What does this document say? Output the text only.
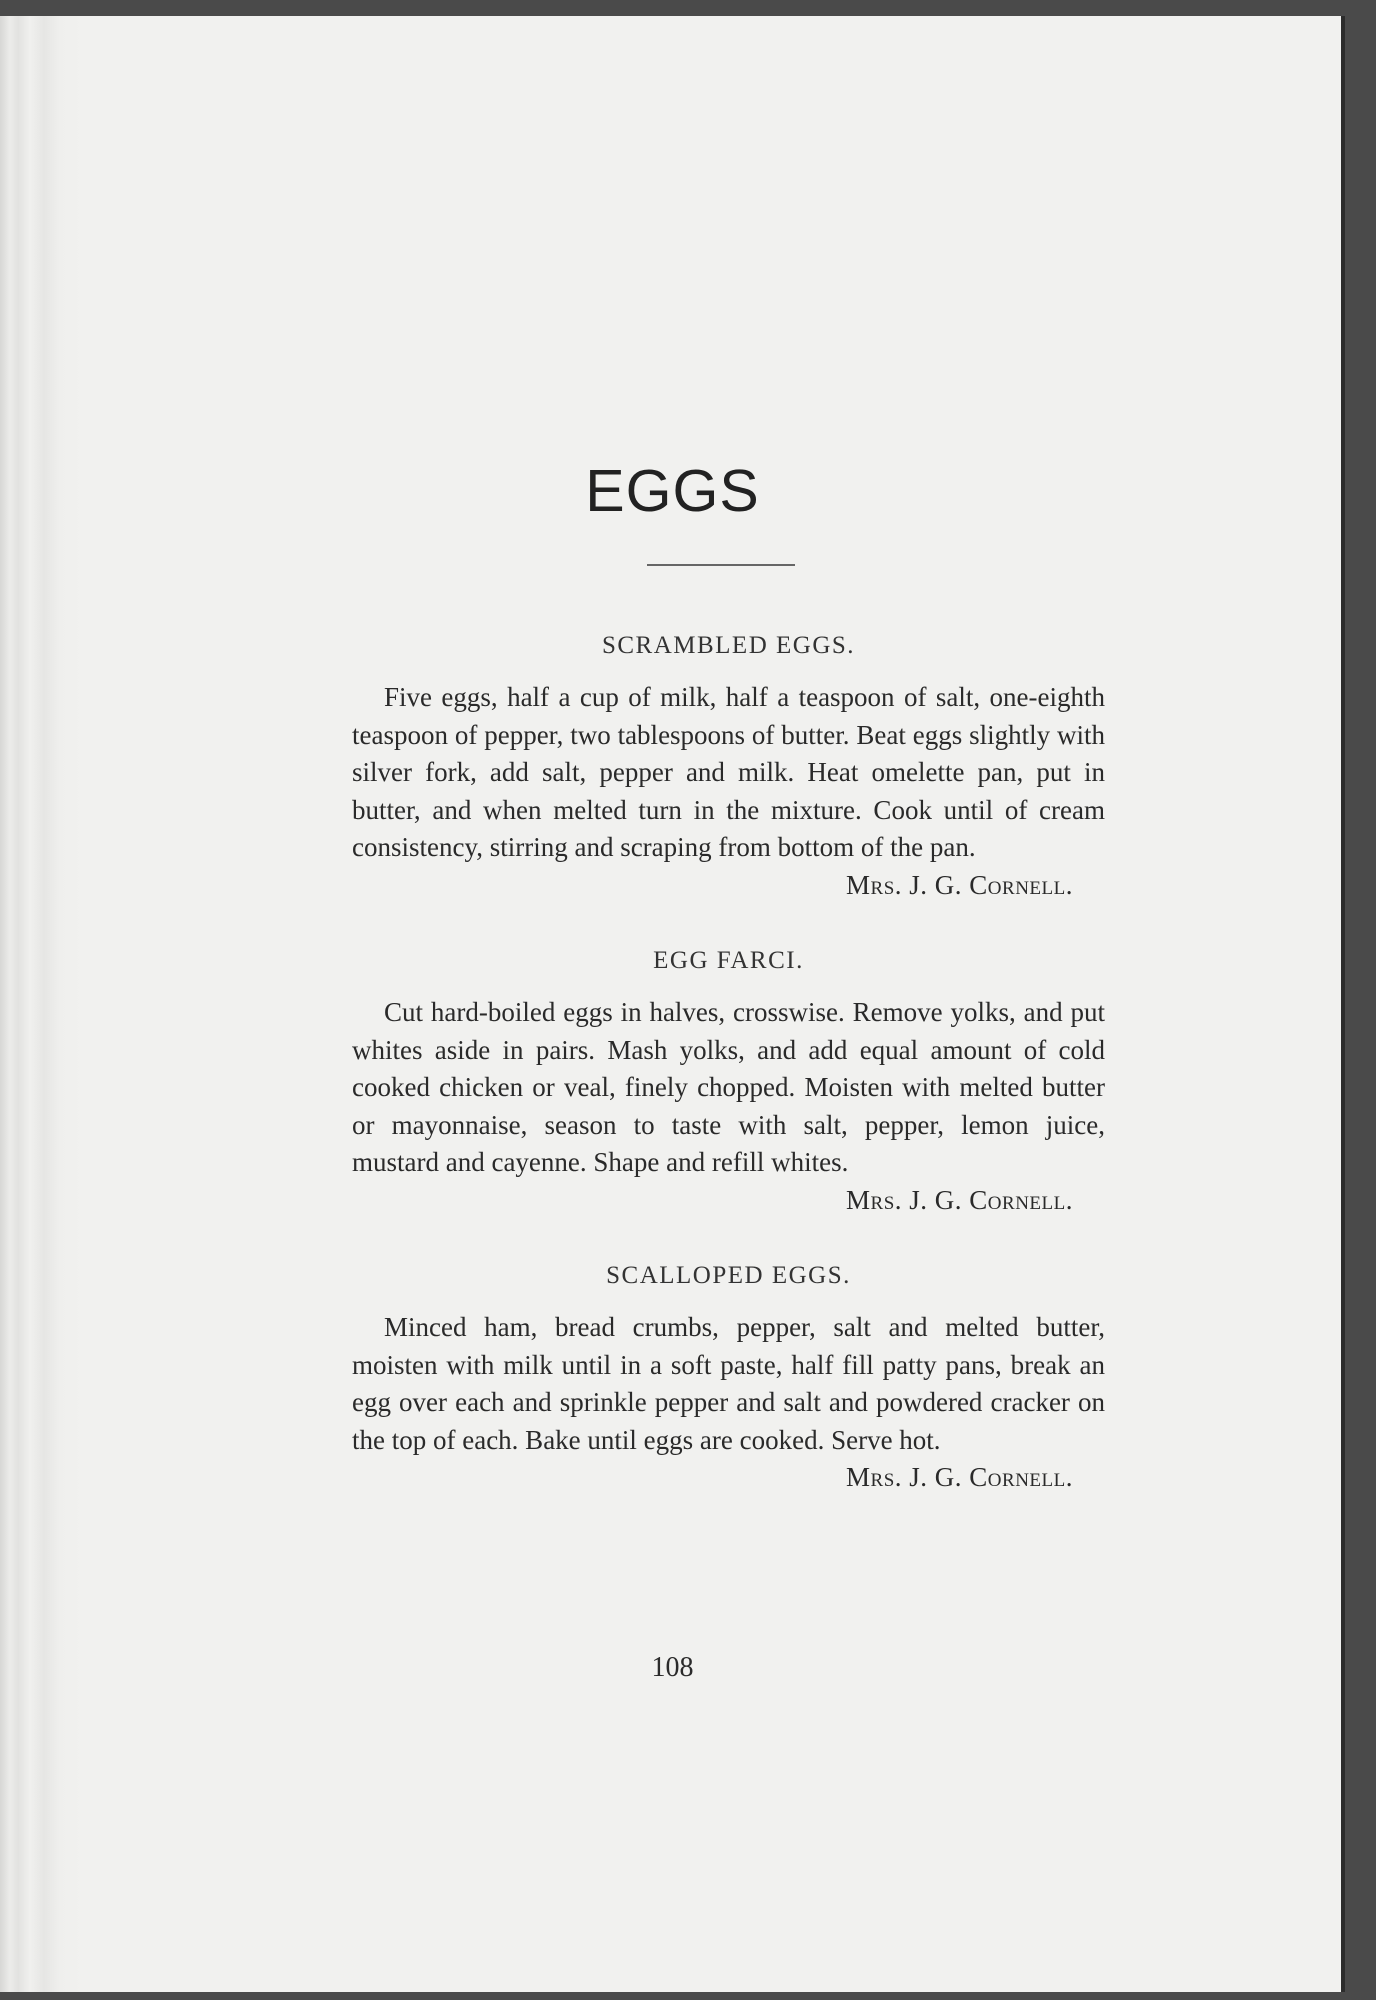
EGGS
SCRAMBLED EGGS.

Five eggs, half a cup of milk, half a teaspoon of salt, one-eighth teaspoon of pepper, two tablespoons of butter. Beat eggs slightly with silver fork, add salt, pepper and milk. Heat omelette pan, put in butter, and when melted turn in the mixture. Cook until of cream consistency, stirring and scraping from bottom of the pan.
Mrs. J. G. Cornell.

EGG FARCI.

Cut hard-boiled eggs in halves, crosswise. Remove yolks, and put whites aside in pairs. Mash yolks, and add equal amount of cold cooked chicken or veal, finely chopped. Moisten with melted butter or mayonnaise, season to taste with salt, pepper, lemon juice, mustard and cayenne. Shape and refill whites.

Mrs. J. G. Cornell.
SCALLOPED EGGS.

Minced ham, bread crumbs, pepper, salt and melted butter, moisten with milk until in a soft paste, half fill patty pans, break an egg over each and sprinkle pepper and salt and powdered cracker on the top of each. Bake until eggs are cooked. Serve hot.

Mrs. J. G. Cornell.
108
